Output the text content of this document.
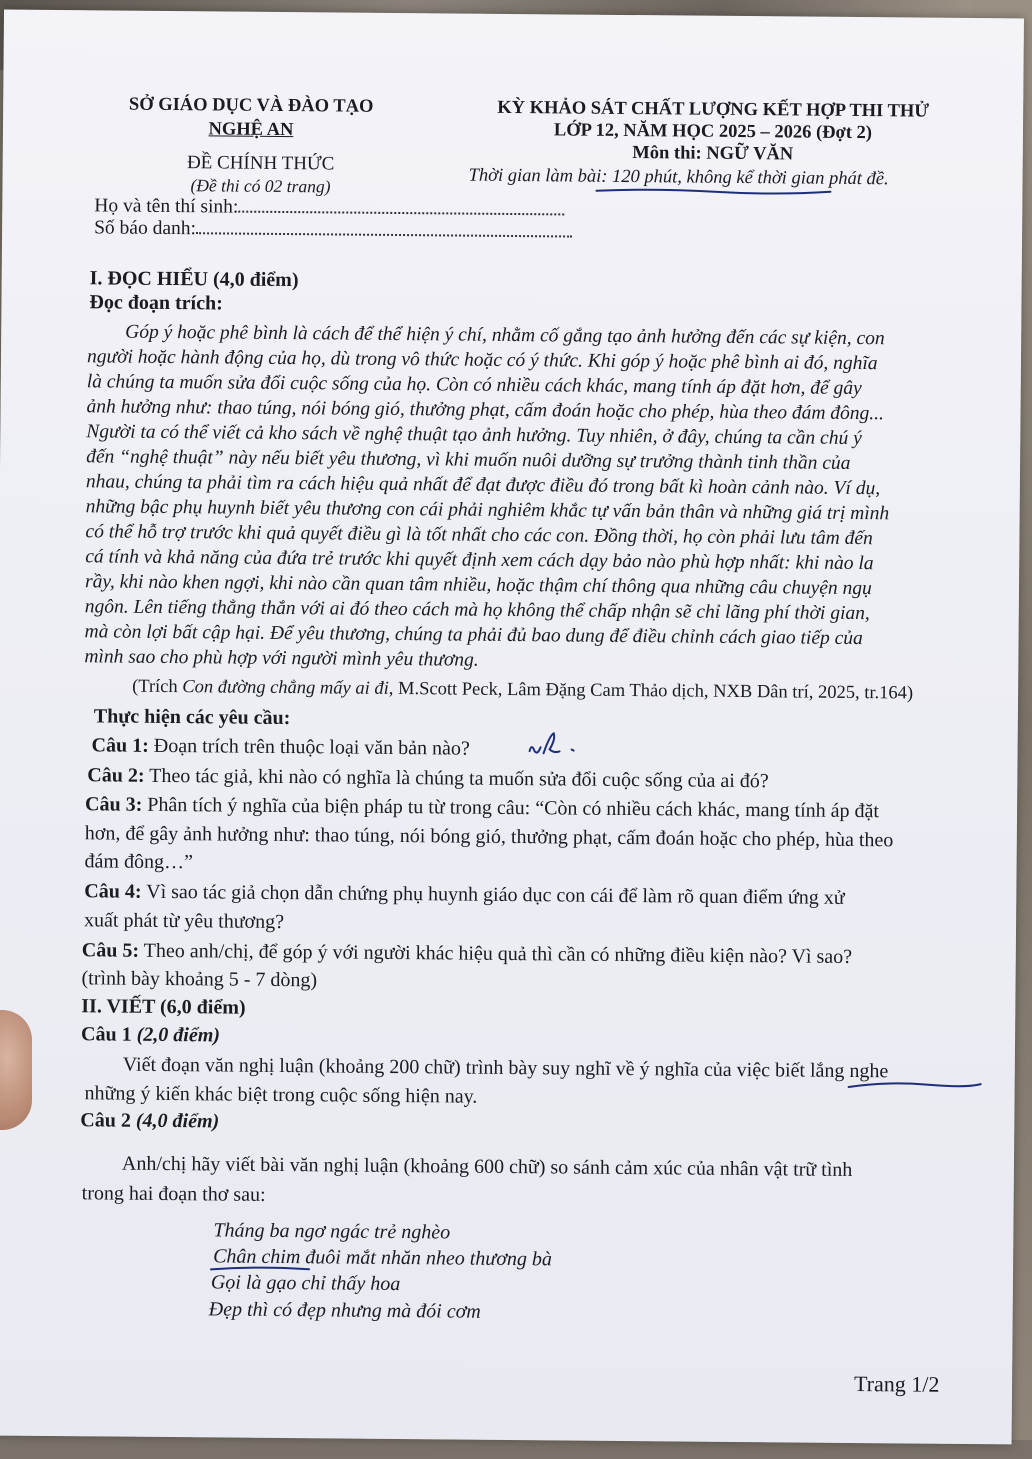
SỞ GIÁO DỤC VÀ ĐÀO TẠO
NGHỆ AN
ĐỀ CHÍNH THỨC
(Đề thi có 02 trang)
KỲ KHẢO SÁT CHẤT LƯỢNG KẾT HỢP THI THỬ
LỚP 12, NĂM HỌC 2025 – 2026 (Đợt 2)
Môn thi: NGỮ VĂN
Thời gian làm bài: 120 phút, không kể thời gian phát đề.
Họ và tên thí sinh:
Số báo danh:
I. ĐỌC HIỂU (4,0 điểm)
Đọc đoạn trích:
Góp ý hoặc phê bình là cách để thể hiện ý chí, nhằm cố gắng tạo ảnh hưởng đến các sự kiện, con
người hoặc hành động của họ, dù trong vô thức hoặc có ý thức. Khi góp ý hoặc phê bình ai đó, nghĩa
là chúng ta muốn sửa đổi cuộc sống của họ. Còn có nhiều cách khác, mang tính áp đặt hơn, để gây
ảnh hưởng như: thao túng, nói bóng gió, thưởng phạt, cấm đoán hoặc cho phép, hùa theo đám đông...
Người ta có thể viết cả kho sách về nghệ thuật tạo ảnh hưởng. Tuy nhiên, ở đây, chúng ta cần chú ý
đến “nghệ thuật” này nếu biết yêu thương, vì khi muốn nuôi dưỡng sự trưởng thành tinh thần của
nhau, chúng ta phải tìm ra cách hiệu quả nhất để đạt được điều đó trong bất kì hoàn cảnh nào. Ví dụ,
những bậc phụ huynh biết yêu thương con cái phải nghiêm khắc tự vấn bản thân và những giá trị mình
có thể hỗ trợ trước khi quả quyết điều gì là tốt nhất cho các con. Đồng thời, họ còn phải lưu tâm đến
cá tính và khả năng của đứa trẻ trước khi quyết định xem cách dạy bảo nào phù hợp nhất: khi nào la
rầy, khi nào khen ngợi, khi nào cần quan tâm nhiều, hoặc thậm chí thông qua những câu chuyện ngụ
ngôn. Lên tiếng thẳng thắn với ai đó theo cách mà họ không thể chấp nhận sẽ chỉ lãng phí thời gian,
mà còn lợi bất cập hại. Để yêu thương, chúng ta phải đủ bao dung để điều chỉnh cách giao tiếp của
mình sao cho phù hợp với người mình yêu thương.
(Trích Con đường chẳng mấy ai đi, M.Scott Peck, Lâm Đặng Cam Thảo dịch, NXB Dân trí, 2025, tr.164)
Thực hiện các yêu cầu:
Câu 1: Đoạn trích trên thuộc loại văn bản nào?
Câu 2: Theo tác giả, khi nào có nghĩa là chúng ta muốn sửa đổi cuộc sống của ai đó?
Câu 3: Phân tích ý nghĩa của biện pháp tu từ trong câu: “Còn có nhiều cách khác, mang tính áp đặt
hơn, để gây ảnh hưởng như: thao túng, nói bóng gió, thưởng phạt, cấm đoán hoặc cho phép, hùa theo
đám đông…”
Câu 4: Vì sao tác giả chọn dẫn chứng phụ huynh giáo dục con cái để làm rõ quan điểm ứng xử
xuất phát từ yêu thương?
Câu 5: Theo anh/chị, để góp ý với người khác hiệu quả thì cần có những điều kiện nào? Vì sao?
(trình bày khoảng 5 - 7 dòng)
II. VIẾT (6,0 điểm)
Câu 1 (2,0 điểm)
Viết đoạn văn nghị luận (khoảng 200 chữ) trình bày suy nghĩ về ý nghĩa của việc biết lắng nghe
những ý kiến khác biệt trong cuộc sống hiện nay.
Câu 2 (4,0 điểm)
Anh/chị hãy viết bài văn nghị luận (khoảng 600 chữ) so sánh cảm xúc của nhân vật trữ tình
trong hai đoạn thơ sau:
Tháng ba ngơ ngác trẻ nghèo
Chân chim đuôi mắt nhăn nheo thương bà
Gọi là gạo chỉ thấy hoa
Đẹp thì có đẹp nhưng mà đói cơm
Trang 1/2
